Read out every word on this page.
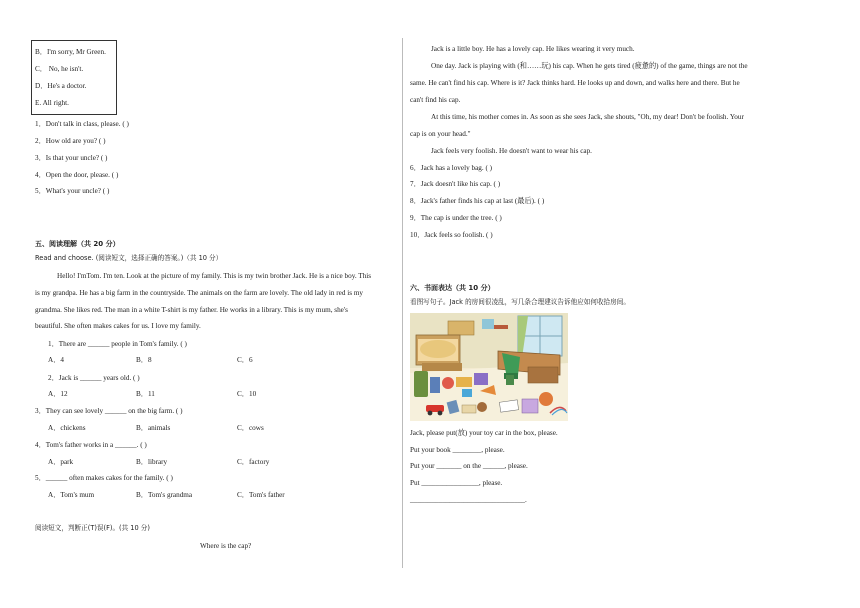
B．I'm sorry, Mr Green.
C． No, he isn't.
D．He's a doctor.
E. All right.
1．Don't talk in class, please. ( )
2．How old are you? ( )
3．Is that your uncle? ( )
4．Open the door, please. ( )
5．What's your uncle? ( )
五、阅读理解（共 20 分）
Read and choose. (阅读短文，选择正确的答案。)（共 10 分）
Hello! I'mTom. I'm ten. Look at the picture of my family. This is my twin brother Jack. He is a nice boy. This
is my grandpa. He has a big farm in the countryside. The animals on the farm are lovely. The old lady in red is my
grandma. She likes red. The man in a white T-shirt is my father. He works in a library. This is my mum, she's
beautiful. She often makes cakes for us. I love my family.
1．There are ______ people in Tom's family. ( )
A．4	B．8	C．6
2．Jack is ______ years old. ( )
A．12	B．11	C．10
3．They can see lovely ______ on the big farm. ( )
A．chickens	B．animals	C．cows
4．Tom's father works in a ______. ( )
A．park	B．library	C．factory
5．______ often makes cakes for the family. ( )
A．Tom's mum	B．Tom's grandma	C．Tom's father
阅读短文，判断正(T)误(F)。(共 10 分)
Where is the cap?
Jack is a little boy. He has a lovely cap. He likes wearing it very much.
One day. Jack is playing with (和……玩) his cap. When he gets tired (疲惫的) of the game, things are not the
same. He can't find his cap. Where is it? Jack thinks hard. He looks up and down, and walks here and there. But he
can't find his cap.
At this time, his mother comes in. As soon as she sees Jack, she shouts, "Oh, my dear! Don't be foolish. Your
cap is on your head."
Jack feels very foolish. He doesn't want to wear his cap.
6．Jack has a lovely bag. ( )
7．Jack doesn't like his cap. ( )
8．Jack's father finds his cap at last (最后). ( )
9．The cap is under the tree. ( )
10．Jack feels so foolish. ( )
六、书面表达（共 10 分）
看图写句子。Jack 的房间很凌乱，写几条合理建议告诉他应如何收拾房间。
Jack, please put(放) your toy car in the box, please.
Put your book ________, please.
Put your _______ on the ______, please.
Put ________________, please.
________________________________.
